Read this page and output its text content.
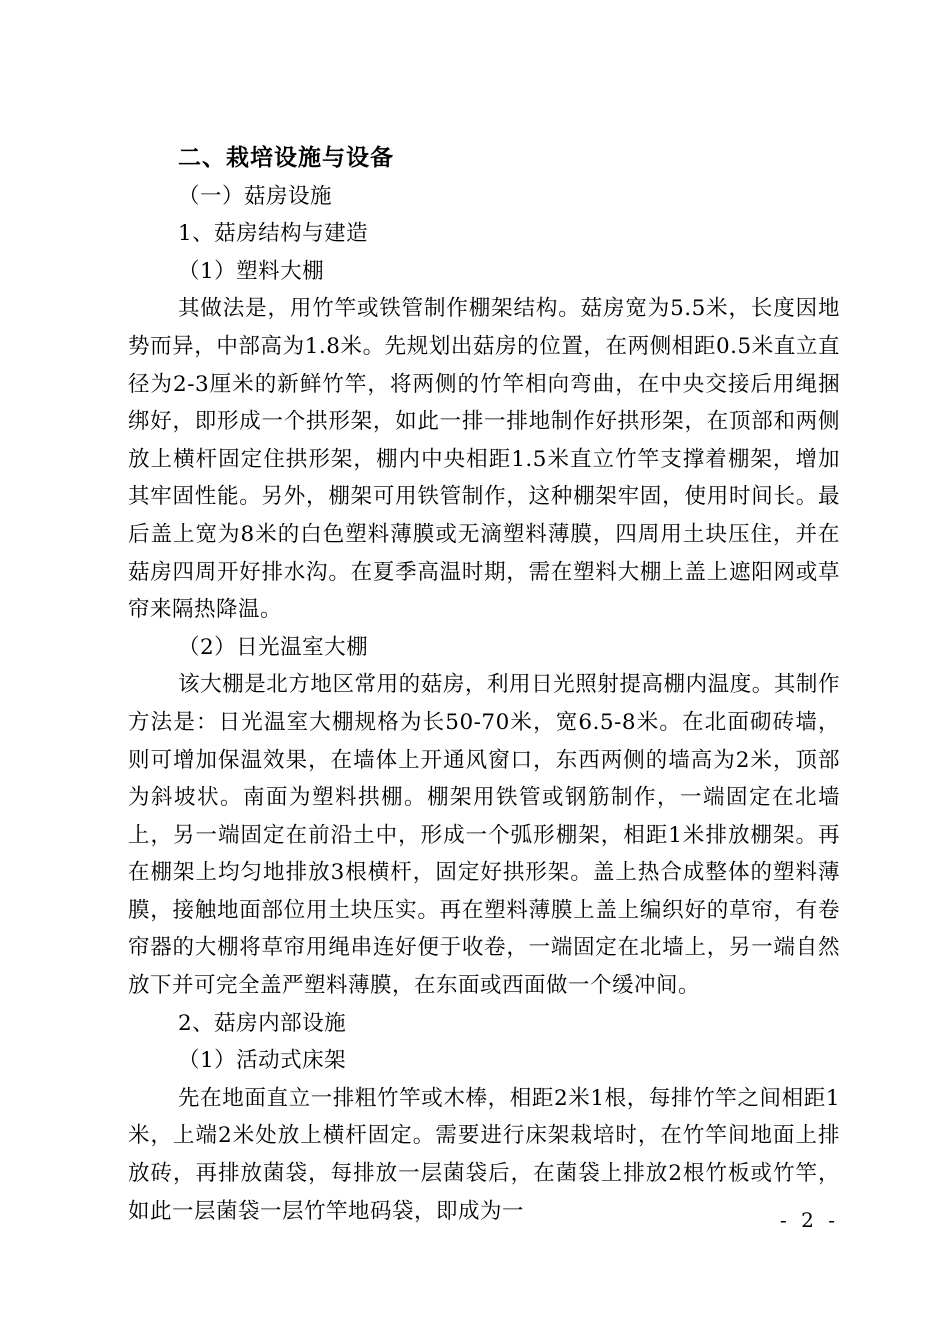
二、栽培设施与设备

（一）菇房设施

1、菇房结构与建造

（1）塑料大棚

其做法是，用竹竿或铁管制作棚架结构。菇房宽为5.5米，长度因地势而异，中部高为1.8米。先规划出菇房的位置，在两侧相距0.5米直立直径为2-3厘米的新鲜竹竿，将两侧的竹竿相向弯曲，在中央交接后用绳捆绑好，即形成一个拱形架，如此一排一排地制作好拱形架，在顶部和两侧放上横杆固定住拱形架，棚内中央相距1.5米直立竹竿支撑着棚架，增加其牢固性能。另外，棚架可用铁管制作，这种棚架牢固，使用时间长。最后盖上宽为8米的白色塑料薄膜或无滴塑料薄膜，四周用土块压住，并在菇房四周开好排水沟。在夏季高温时期，需在塑料大棚上盖上遮阳网或草帘来隔热降温。

（2）日光温室大棚

该大棚是北方地区常用的菇房，利用日光照射提高棚内温度。其制作方法是：日光温室大棚规格为长50-70米，宽6.5-8米。在北面砌砖墙，则可增加保温效果，在墙体上开通风窗口，东西两侧的墙高为2米，顶部为斜坡状。南面为塑料拱棚。棚架用铁管或钢筋制作，一端固定在北墙上，另一端固定在前沿土中，形成一个弧形棚架，相距1米排放棚架。再在棚架上均匀地排放3根横杆，固定好拱形架。盖上热合成整体的塑料薄膜，接触地面部位用土块压实。再在塑料薄膜上盖上编织好的草帘，有卷帘器的大棚将草帘用绳串连好便于收卷，一端固定在北墙上，另一端自然放下并可完全盖严塑料薄膜，在东面或西面做一个缓冲间。

2、菇房内部设施

（1）活动式床架

先在地面直立一排粗竹竿或木棒，相距2米1根，每排竹竿之间相距1米，上端2米处放上横杆固定。需要进行床架栽培时，在竹竿间地面上排放砖，再排放菌袋，每排放一层菌袋后，在菌袋上排放2根竹板或竹竿，如此一层菌袋一层竹竿地码袋，即成为一	- 2 -
